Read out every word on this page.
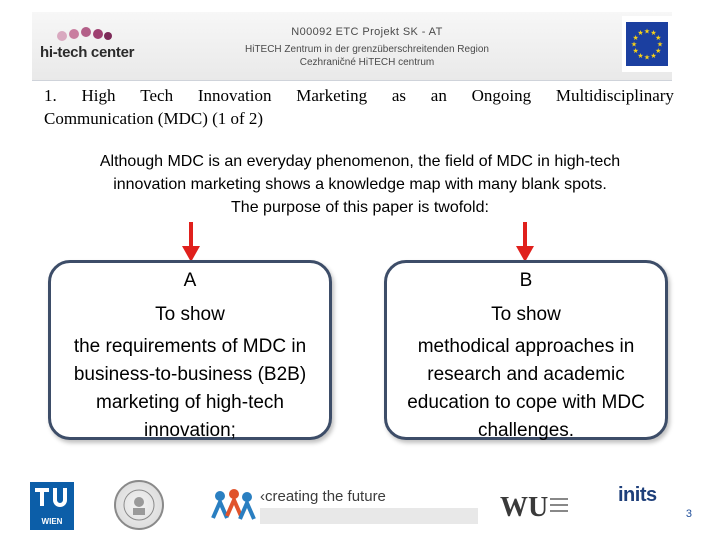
hi-tech center
N00092 ETC Projekt SK - AT
HiTECH Zentrum in der grenzüberschreitenden Region
Cezhraničné HiTECH centrum
★ ★
★
★
★
★
★
★
★
★
★
★
1. High Tech Innovation Marketing as an Ongoing Multidisciplinary
Communication (MDC) (1 of 2)
Although MDC is an everyday phenomenon, the field of MDC in high-tech
innovation marketing shows a knowledge map with many blank spots.
The purpose of this paper is twofold:
A
To show
the requirements of MDC in business-to-business (B2B) marketing of high-tech innovation;
B
To show
methodical approaches in research and academic education to cope with MDC challenges.
WIEN
‹creating the future	W U	inits
3
